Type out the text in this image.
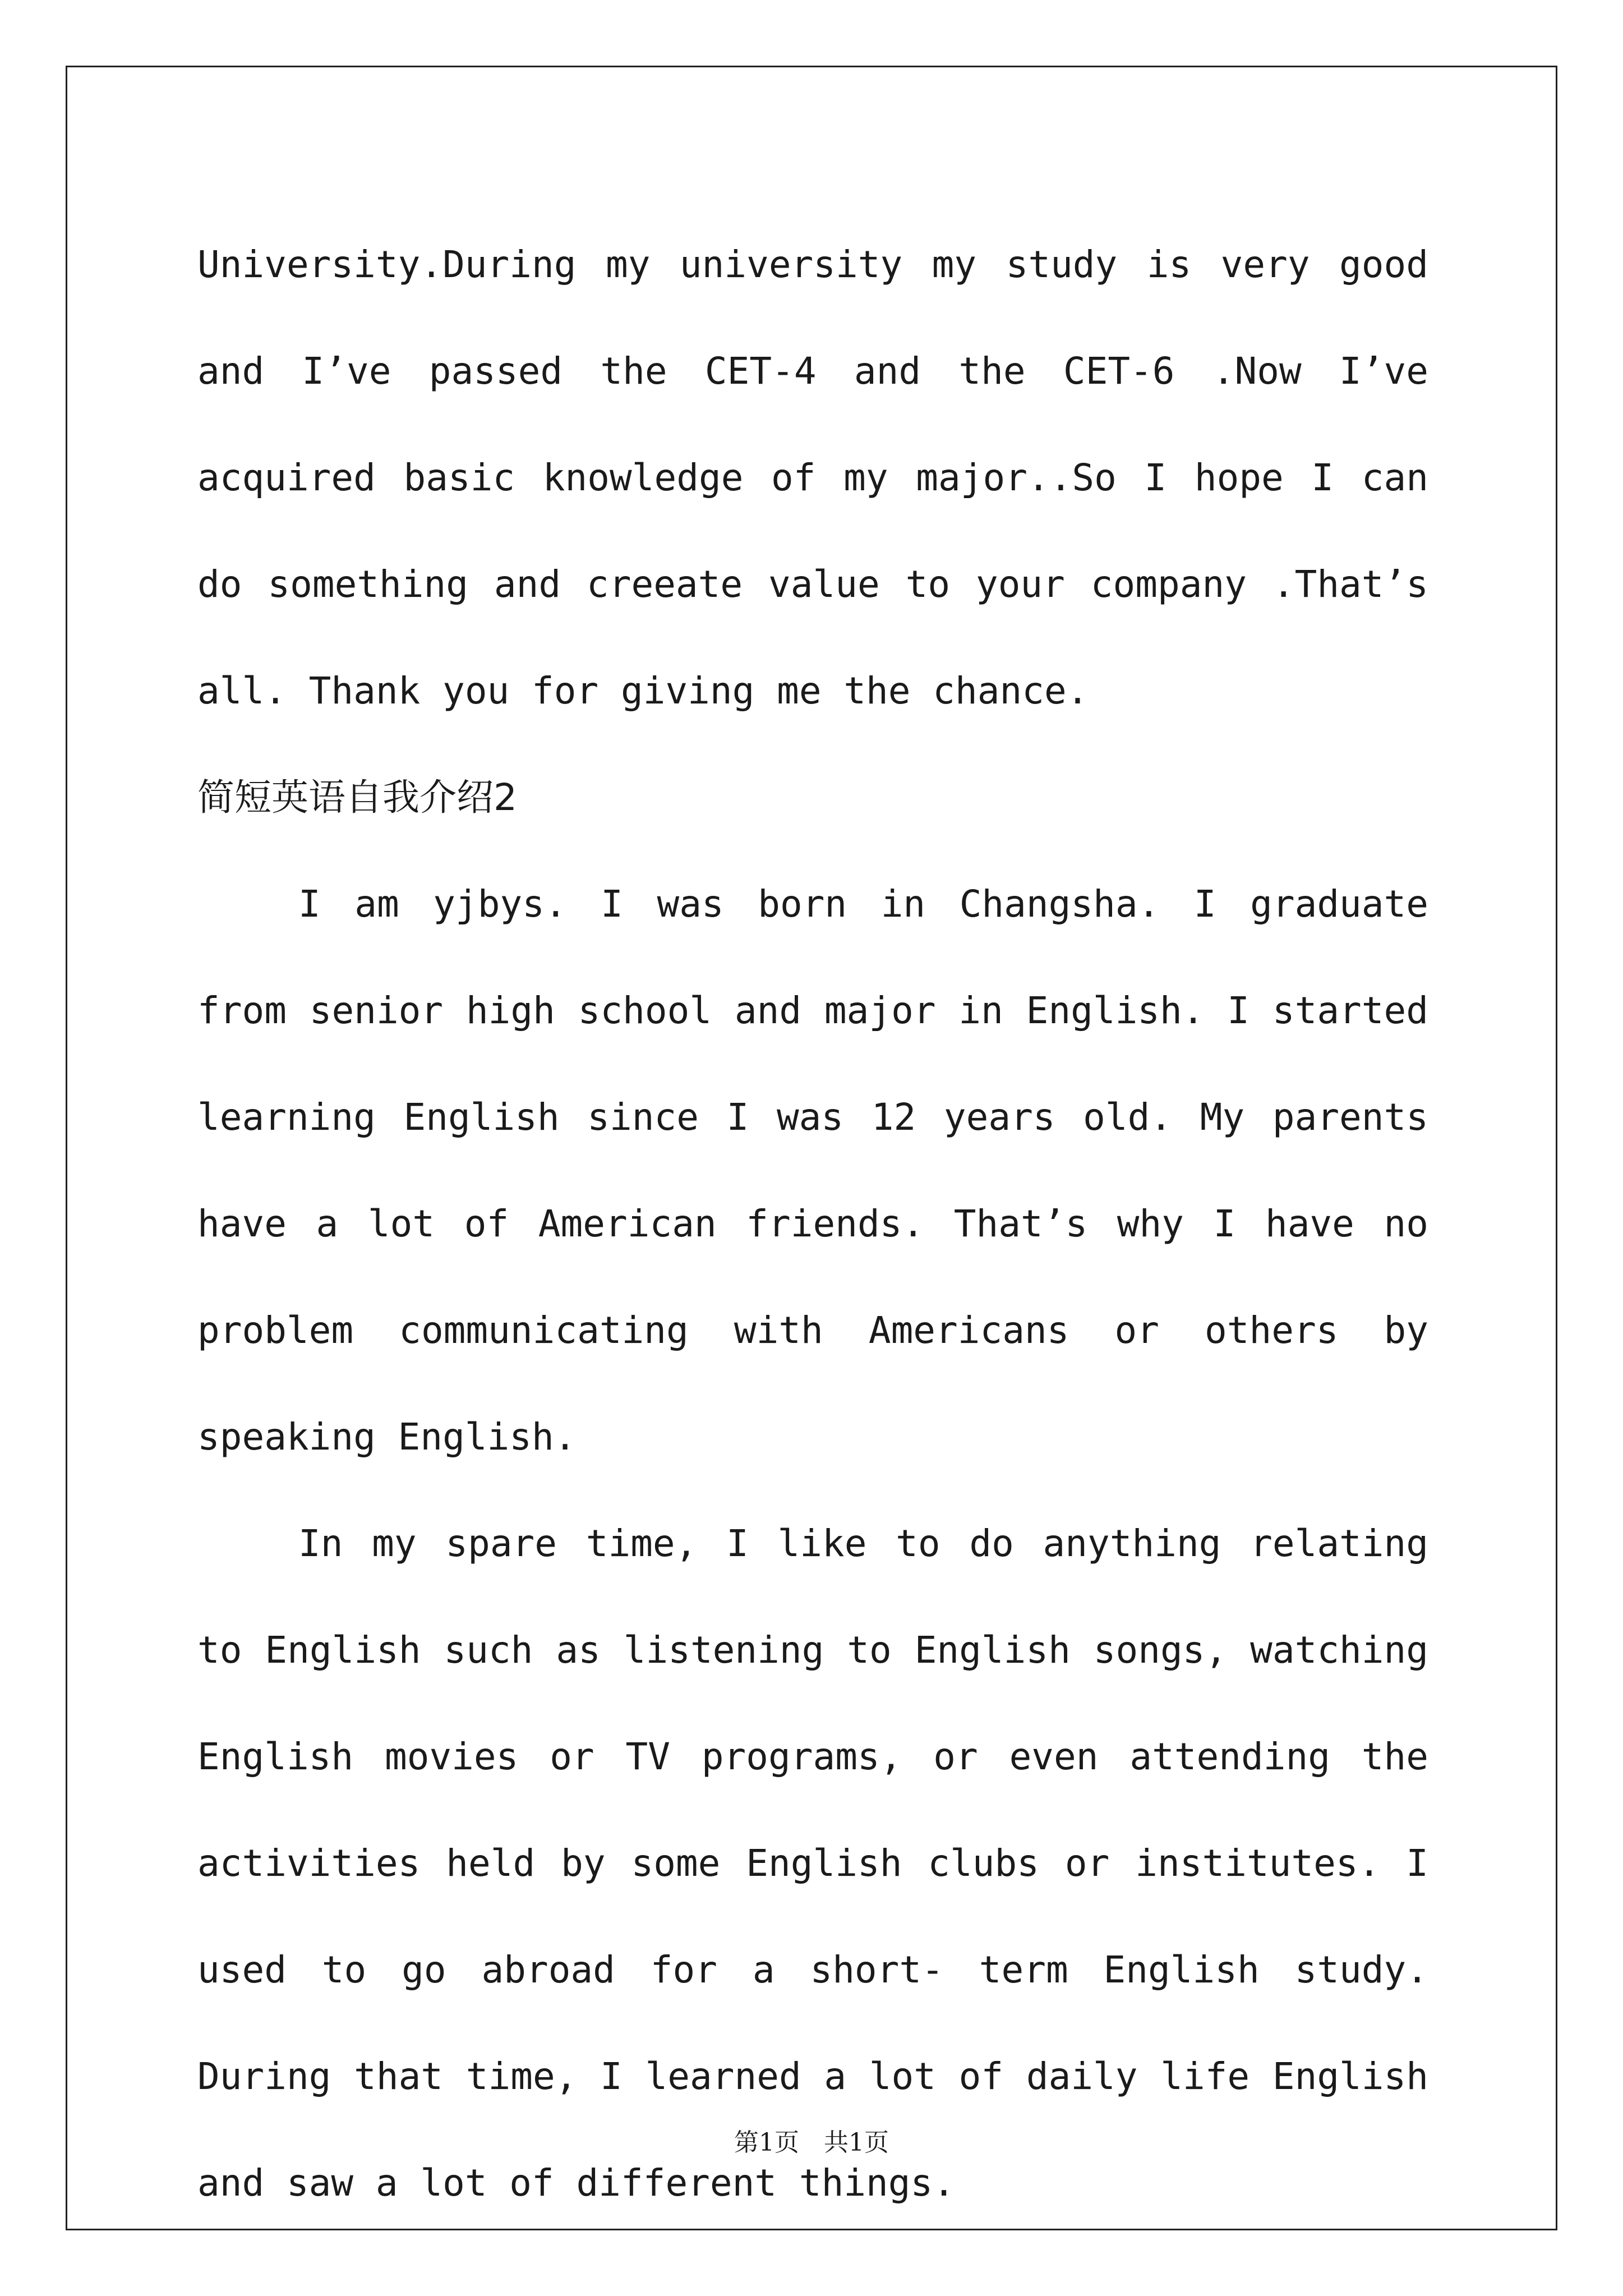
University.During my university my study is very good and I’ve passed the CET-4 and the CET-6 .Now I’ve acquired basic knowledge of my major..So I hope I can do something and creeate value to your company .That’s all. Thank you for giving me the chance.

简短英语自我介绍2

I am yjbys. I was born in Changsha. I graduate from senior high school and major in English. I started learning English since I was 12 years old. My parents have a lot of American friends. That’s why I have no problem communicating with Americans or others by speaking English.

In my spare time, I like to do anything relating to English such as listening to English songs, watching English movies or TV programs, or even attending the activities held by some English clubs or institutes. I used to go abroad for a short- term English study. During that time, I learned a lot of daily life English and saw a lot of different things.

第1页　共1页
